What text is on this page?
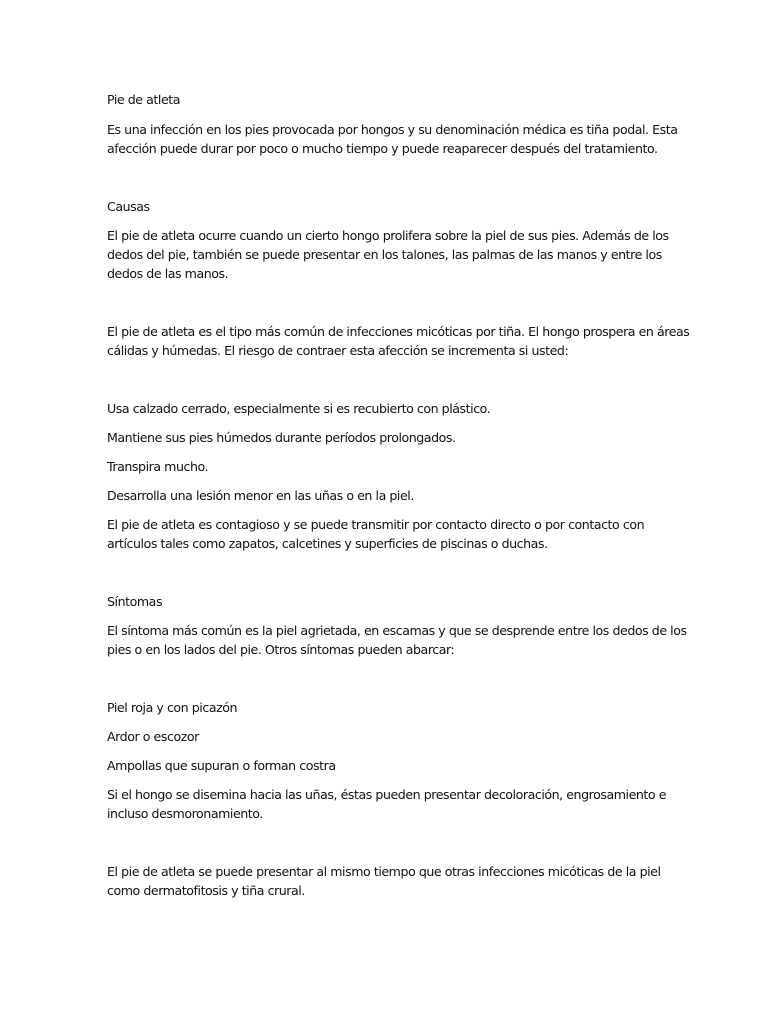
Pie de atleta

Es una infección en los pies provocada por hongos y su denominación médica es tiña podal. Esta

afección puede durar por poco o mucho tiempo y puede reaparecer después del tratamiento.

Causas

El pie de atleta ocurre cuando un cierto hongo prolifera sobre la piel de sus pies. Además de los

dedos del pie, también se puede presentar en los talones, las palmas de las manos y entre los

dedos de las manos.

El pie de atleta es el tipo más común de infecciones micóticas por tiña. El hongo prospera en áreas

cálidas y húmedas. El riesgo de contraer esta afección se incrementa si usted:

Usa calzado cerrado, especialmente si es recubierto con plástico.

Mantiene sus pies húmedos durante períodos prolongados.

Transpira mucho.

Desarrolla una lesión menor en las uñas o en la piel.

El pie de atleta es contagioso y se puede transmitir por contacto directo o por contacto con

artículos tales como zapatos, calcetines y superficies de piscinas o duchas.

Síntomas

El síntoma más común es la piel agrietada, en escamas y que se desprende entre los dedos de los

pies o en los lados del pie. Otros síntomas pueden abarcar:

Piel roja y con picazón

Ardor o escozor

Ampollas que supuran o forman costra

Si el hongo se disemina hacia las uñas, éstas pueden presentar decoloración, engrosamiento e

incluso desmoronamiento.

El pie de atleta se puede presentar al mismo tiempo que otras infecciones micóticas de la piel

como dermatofitosis y tiña crural.
